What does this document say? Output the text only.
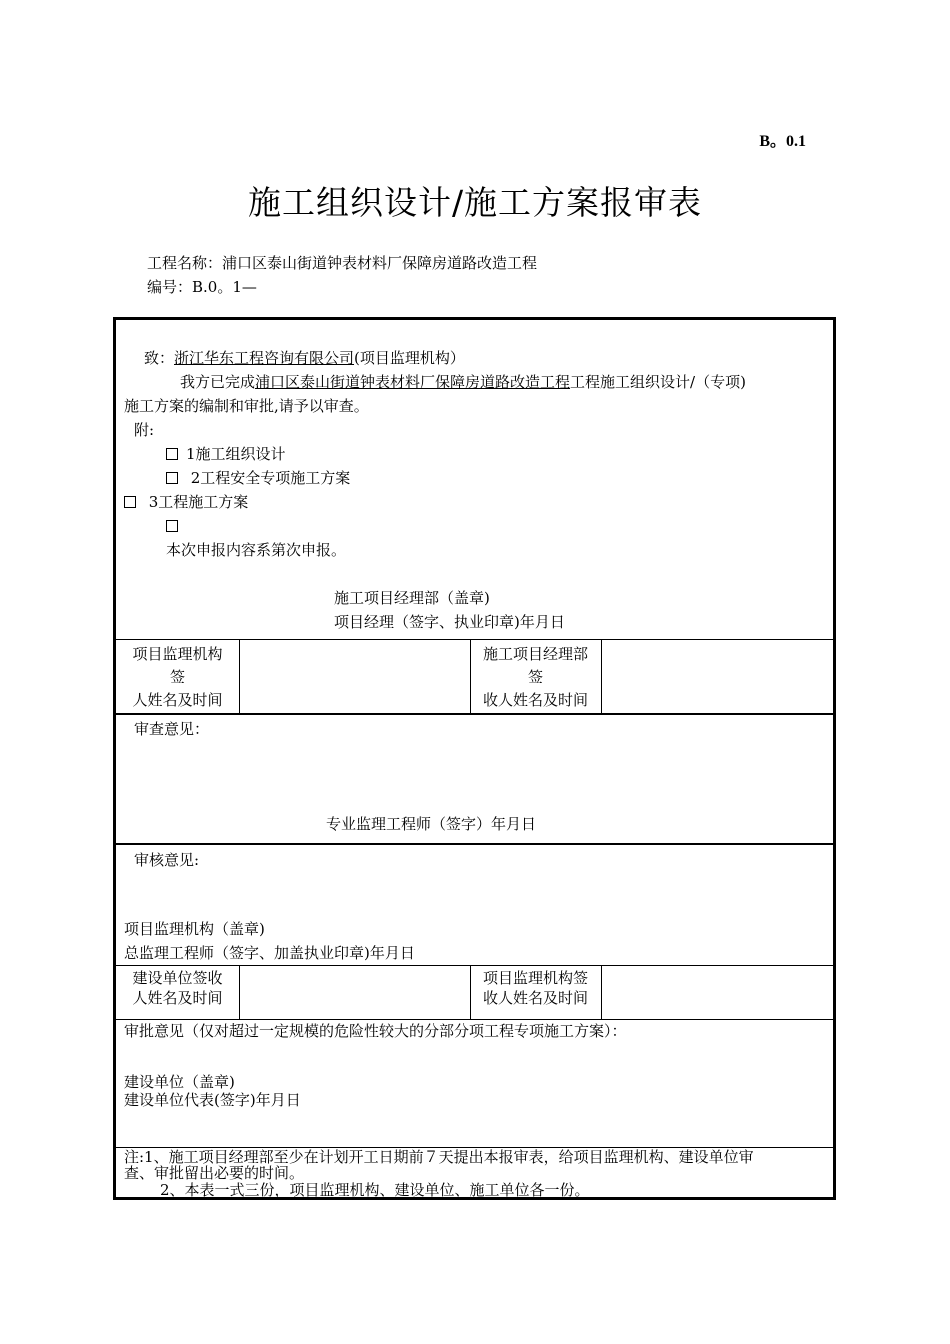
B。0.1
施工组织设计/施工方案报审表
工程名称：浦口区泰山街道钟表材料厂保障房道路改造工程
编号：B.0。1—
致：浙江华东工程咨询有限公司(项目监理机构）
我方已完成浦口区泰山街道钟表材料厂保障房道路改造工程工程施工组织设计/（专项)
施工方案的编制和审批,请予以审查。
附:
1施工组织设计
2工程安全专项施工方案
3工程施工方案
本次申报内容系第次申报。
施工项目经理部（盖章)
项目经理（签字、执业印章)年月日
项目监理机构
签
人姓名及时间
施工项目经理部
签
收人姓名及时间
审查意见：
专业监理工程师（签字）年月日
审核意见:
项目监理机构（盖章)
总监理工程师（签字、加盖执业印章)年月日
建设单位签收
人姓名及时间
项目监理机构签
收人姓名及时间
审批意见（仅对超过一定规模的危险性较大的分部分项工程专项施工方案）：
建设单位（盖章)
建设单位代表(签字)年月日
注:1、施工项目经理部至少在计划开工日期前７天提出本报审表，给项目监理机构、建设单位审
查、审批留出必要的时间。
2、本表一式三份，项目监理机构、建设单位、施工单位各一份。
